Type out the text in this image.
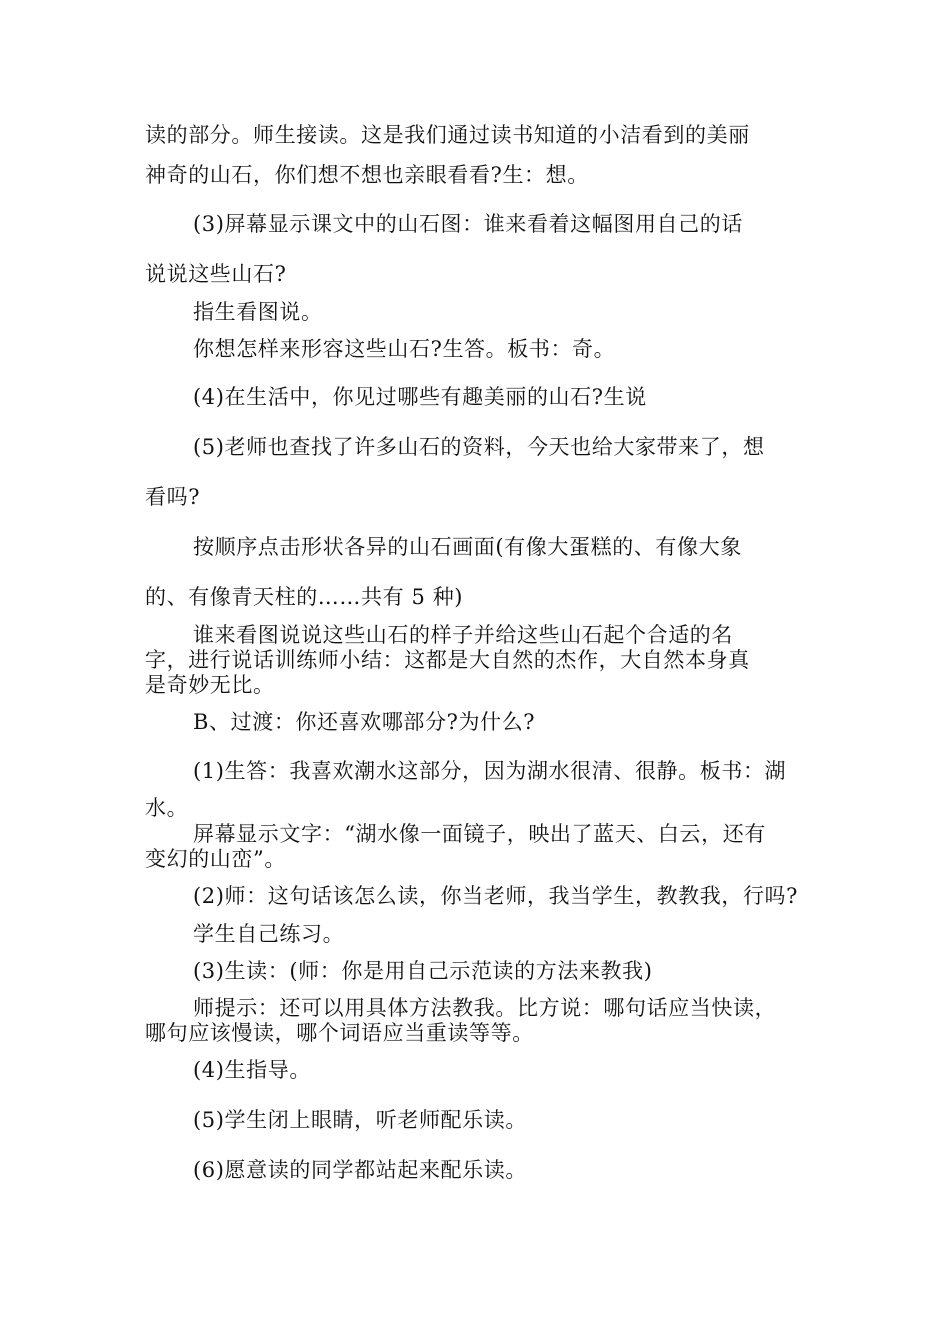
读的部分。师生接读。这是我们通过读书知道的小洁看到的美丽
神奇的山石，你们想不想也亲眼看看?生：想。
(3)屏幕显示课文中的山石图：谁来看着这幅图用自己的话
说说这些山石?
指生看图说。
你想怎样来形容这些山石?生答。板书：奇。
(4)在生活中，你见过哪些有趣美丽的山石?生说
(5)老师也查找了许多山石的资料，今天也给大家带来了，想
看吗?
按顺序点击形状各异的山石画面(有像大蛋糕的、有像大象
的、有像青天柱的……共有 5 种)
谁来看图说说这些山石的样子并给这些山石起个合适的名
字，进行说话训练师小结：这都是大自然的杰作，大自然本身真
是奇妙无比。
B、过渡：你还喜欢哪部分?为什么?
(1)生答：我喜欢潮水这部分，因为湖水很清、很静。板书：湖
水。
屏幕显示文字：“湖水像一面镜子，映出了蓝天、白云，还有
变幻的山峦”。
(2)师：这句话该怎么读，你当老师，我当学生，教教我，行吗?
学生自己练习。
(3)生读：(师：你是用自己示范读的方法来教我)
师提示：还可以用具体方法教我。比方说：哪句话应当快读，
哪句应该慢读，哪个词语应当重读等等。
(4)生指导。
(5)学生闭上眼睛，听老师配乐读。
(6)愿意读的同学都站起来配乐读。
